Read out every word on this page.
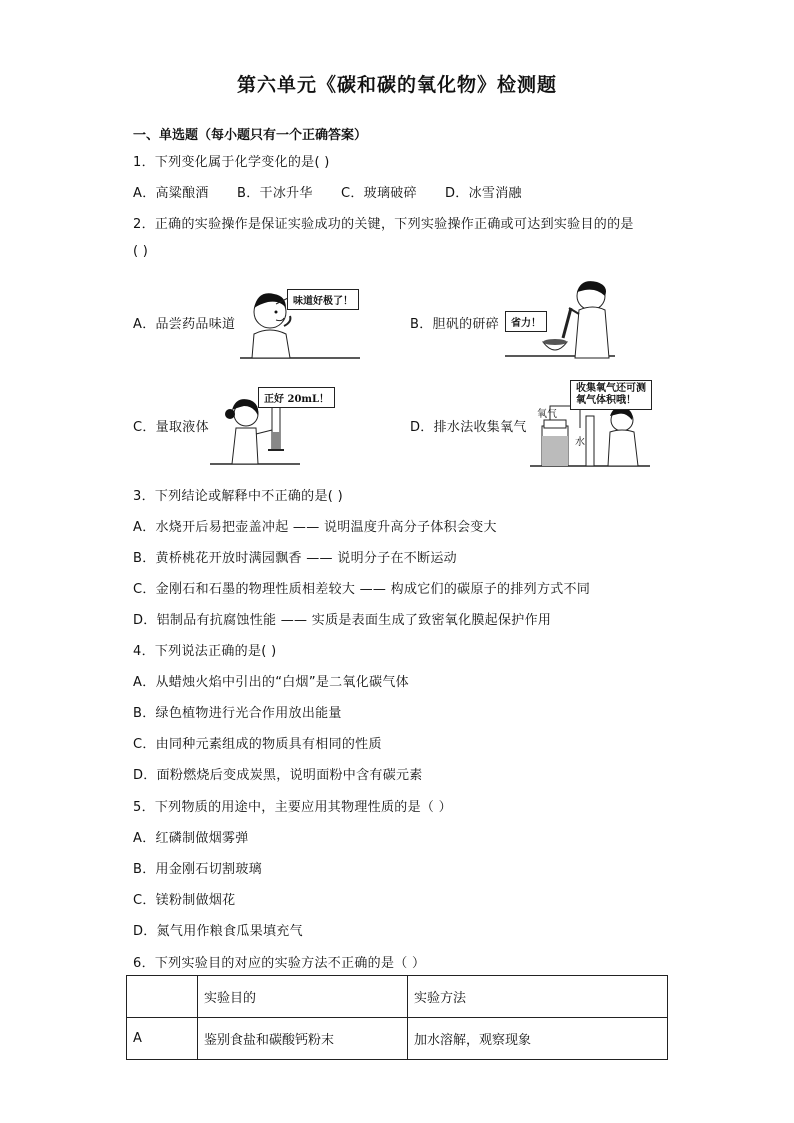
第六单元《碳和碳的氧化物》检测题
一、单选题（每小题只有一个正确答案）
1．下列变化属于化学变化的是( )
A．高粱酿酒 B．干冰升华 C．玻璃破碎 D．冰雪消融
2．正确的实验操作是保证实验成功的关键，下列实验操作正确或可达到实验目的的是
( )
A．品尝药品味道	B．胆矾的研碎
C．量取液体	D．排水法收集氧气
味道好极了！
省力！
正好 20mL！
氧气
水
收集氧气还可测
氧气体积哦！
3．下列结论或解释中不正确的是( )
A．水烧开后易把壶盖冲起 —— 说明温度升高分子体积会变大
B．黄桥桃花开放时满园飘香 —— 说明分子在不断运动
C．金刚石和石墨的物理性质相差较大 —— 构成它们的碳原子的排列方式不同
D．铝制品有抗腐蚀性能 —— 实质是表面生成了致密氧化膜起保护作用
4．下列说法正确的是( )
A．从蜡烛火焰中引出的“白烟”是二氧化碳气体
B．绿色植物进行光合作用放出能量
C．由同种元素组成的物质具有相同的性质
D．面粉燃烧后变成炭黑，说明面粉中含有碳元素
5．下列物质的用途中，主要应用其物理性质的是（ ）
A．红磷制做烟雾弹
B．用金刚石切割玻璃
C．镁粉制做烟花
D．氮气用作粮食瓜果填充气
6．下列实验目的对应的实验方法不正确的是（ ）
	实验目的	实验方法
A	鉴别食盐和碳酸钙粉末	加水溶解，观察现象
